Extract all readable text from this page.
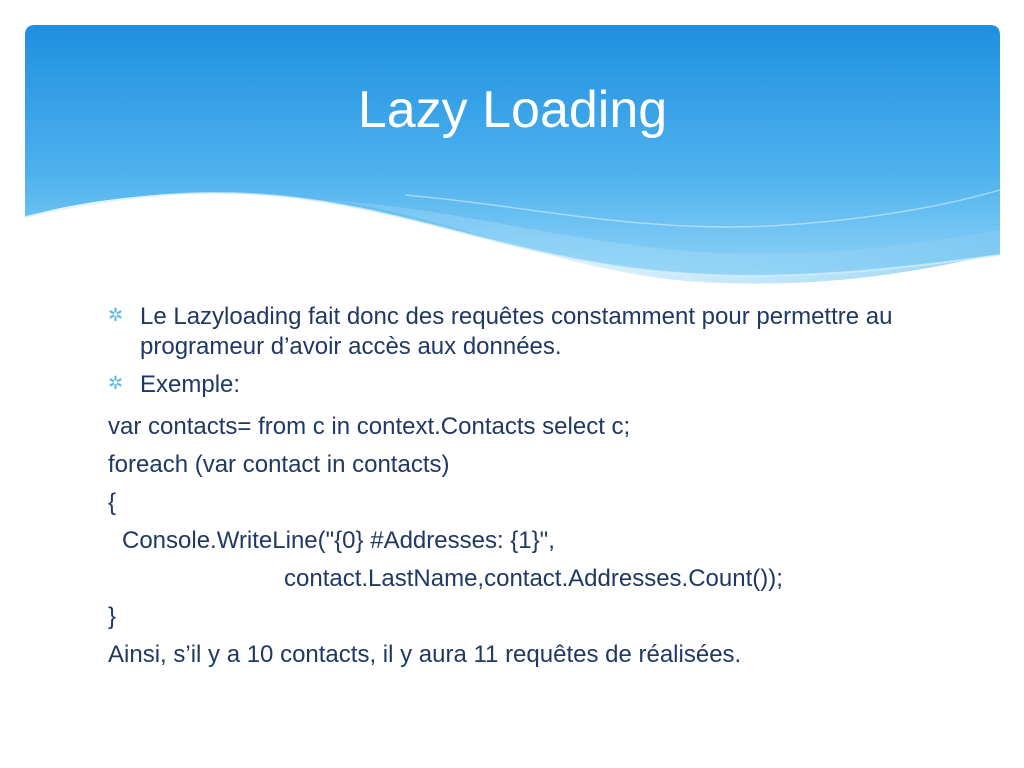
Lazy Loading
✲ Le Lazyloading fait donc des requêtes constamment pour permettre au programeur d’avoir accès aux données.
✲ Exemple:
var contacts= from c in context.Contacts select c;
foreach (var contact in contacts)
{
Console.WriteLine("{0} #Addresses: {1}",
contact.LastName,contact.Addresses.Count());
}
Ainsi, s’il y a 10 contacts, il y aura 11 requêtes de réalisées.
